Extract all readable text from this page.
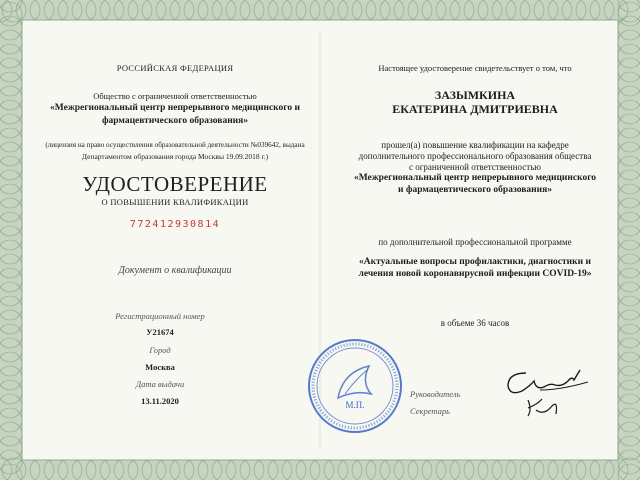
РОССИЙСКАЯ ФЕДЕРАЦИЯ
Общество с ограниченной ответственностью
«Межрегиональный центр непрерывного медицинского и
фармацевтического образования»
(лицензия на право осуществления образовательной деятельности №039642, выдана
Департаментом образования города Москвы 19.09.2018 г.)
УДОСТОВЕРЕНИЕ
О ПОВЫШЕНИИ КВАЛИФИКАЦИИ
772412930814
Документ о квалификации
Регистрационный номер
У21674
Город
Москва
Дата выдачи
13.11.2020
Настоящее удостоверение свидетельствует о том, что
ЗАЗЫМКИНА
ЕКАТЕРИНА ДМИТРИЕВНА
прошел(а) повышение квалификации на кафедре
дополнительного профессионального образования общества
с ограниченной ответственностью
«Межрегиональный центр непрерывного медицинского
и фармацевтического образования»
по дополнительной профессиональной программе
«Актуальные вопросы профилактики, диагностики и
лечения новой коронавирусной инфекции COVID-19»
в объеме 36 часов
М.П.
Руководитель
Секретарь
